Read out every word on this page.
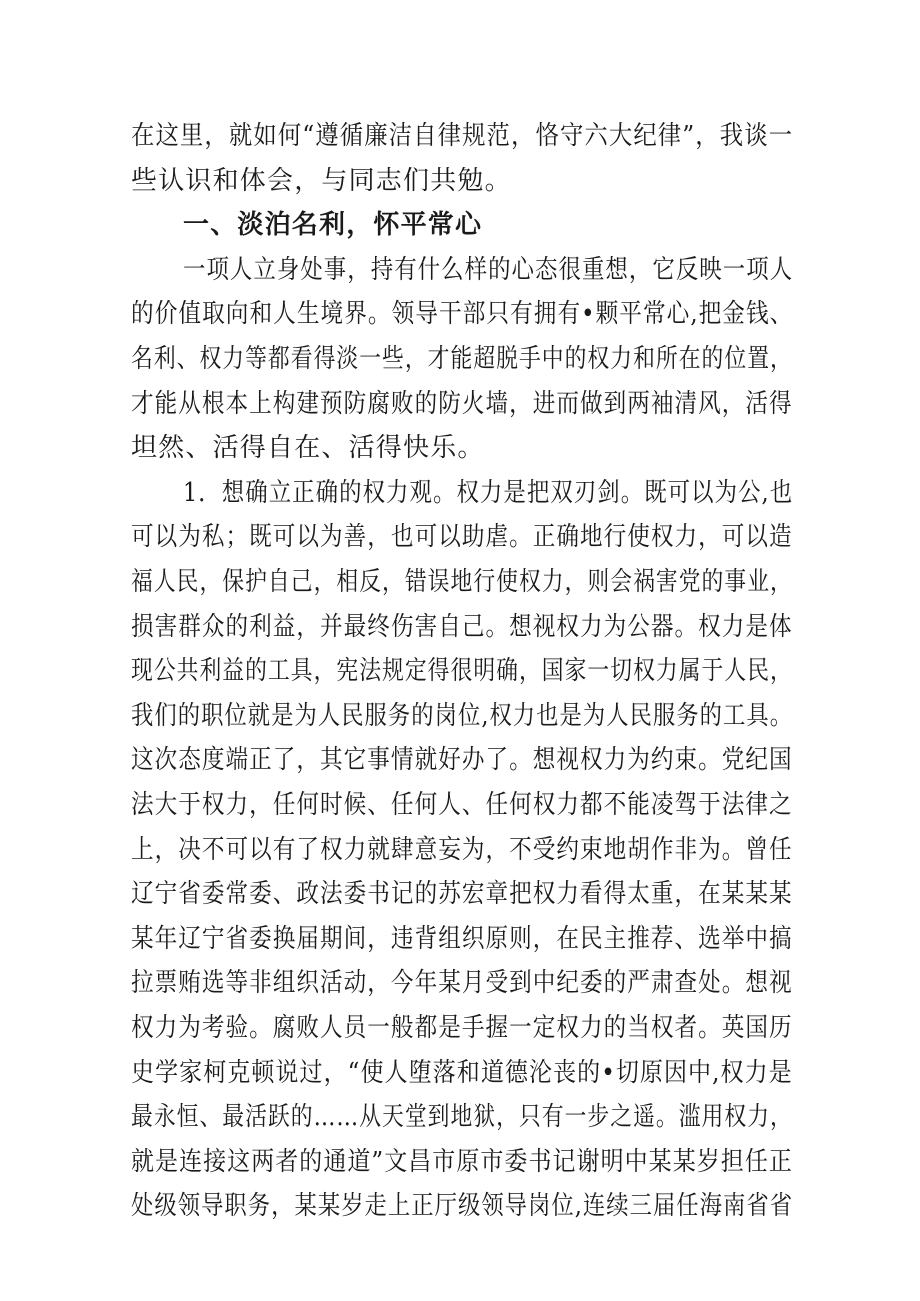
在这里，就如何“遵循廉洁自律规范，恪守六大纪律”，我谈一
些认识和体会，与同志们共勉。
一、淡泊名利，怀平常心
一项人立身处事，持有什么样的心态很重想，它反映一项人
的价值取向和人生境界。领导干部只有拥有•颗平常心,把金钱、
名利、权力等都看得淡一些，才能超脱手中的权力和所在的位置，
才能从根本上构建预防腐败的防火墙，进而做到两袖清风，活得
坦然、活得自在、活得快乐。
1．想确立正确的权力观。权力是把双刃剑。既可以为公,也
可以为私；既可以为善，也可以助虐。正确地行使权力，可以造
福人民，保护自己，相反，错误地行使权力，则会祸害党的事业，
损害群众的利益，并最终伤害自己。想视权力为公器。权力是体
现公共利益的工具，宪法规定得很明确，国家一切权力属于人民，
我们的职位就是为人民服务的岗位,权力也是为人民服务的工具。
这次态度端正了，其它事情就好办了。想视权力为约束。党纪国
法大于权力，任何时候、任何人、任何权力都不能凌驾于法律之
上，决不可以有了权力就肆意妄为，不受约束地胡作非为。曾任
辽宁省委常委、政法委书记的苏宏章把权力看得太重，在某某某
某年辽宁省委换届期间，违背组织原则，在民主推荐、选举中搞
拉票贿选等非组织活动，今年某月受到中纪委的严肃查处。想视
权力为考验。腐败人员一般都是手握一定权力的当权者。英国历
史学家柯克顿说过，“使人堕落和道德沦丧的•切原因中,权力是
最永恒、最活跃的……从天堂到地狱，只有一步之遥。滥用权力，
就是连接这两者的通道”文昌市原市委书记谢明中某某岁担任正
处级领导职务，某某岁走上正厅级领导岗位,连续三届任海南省省
